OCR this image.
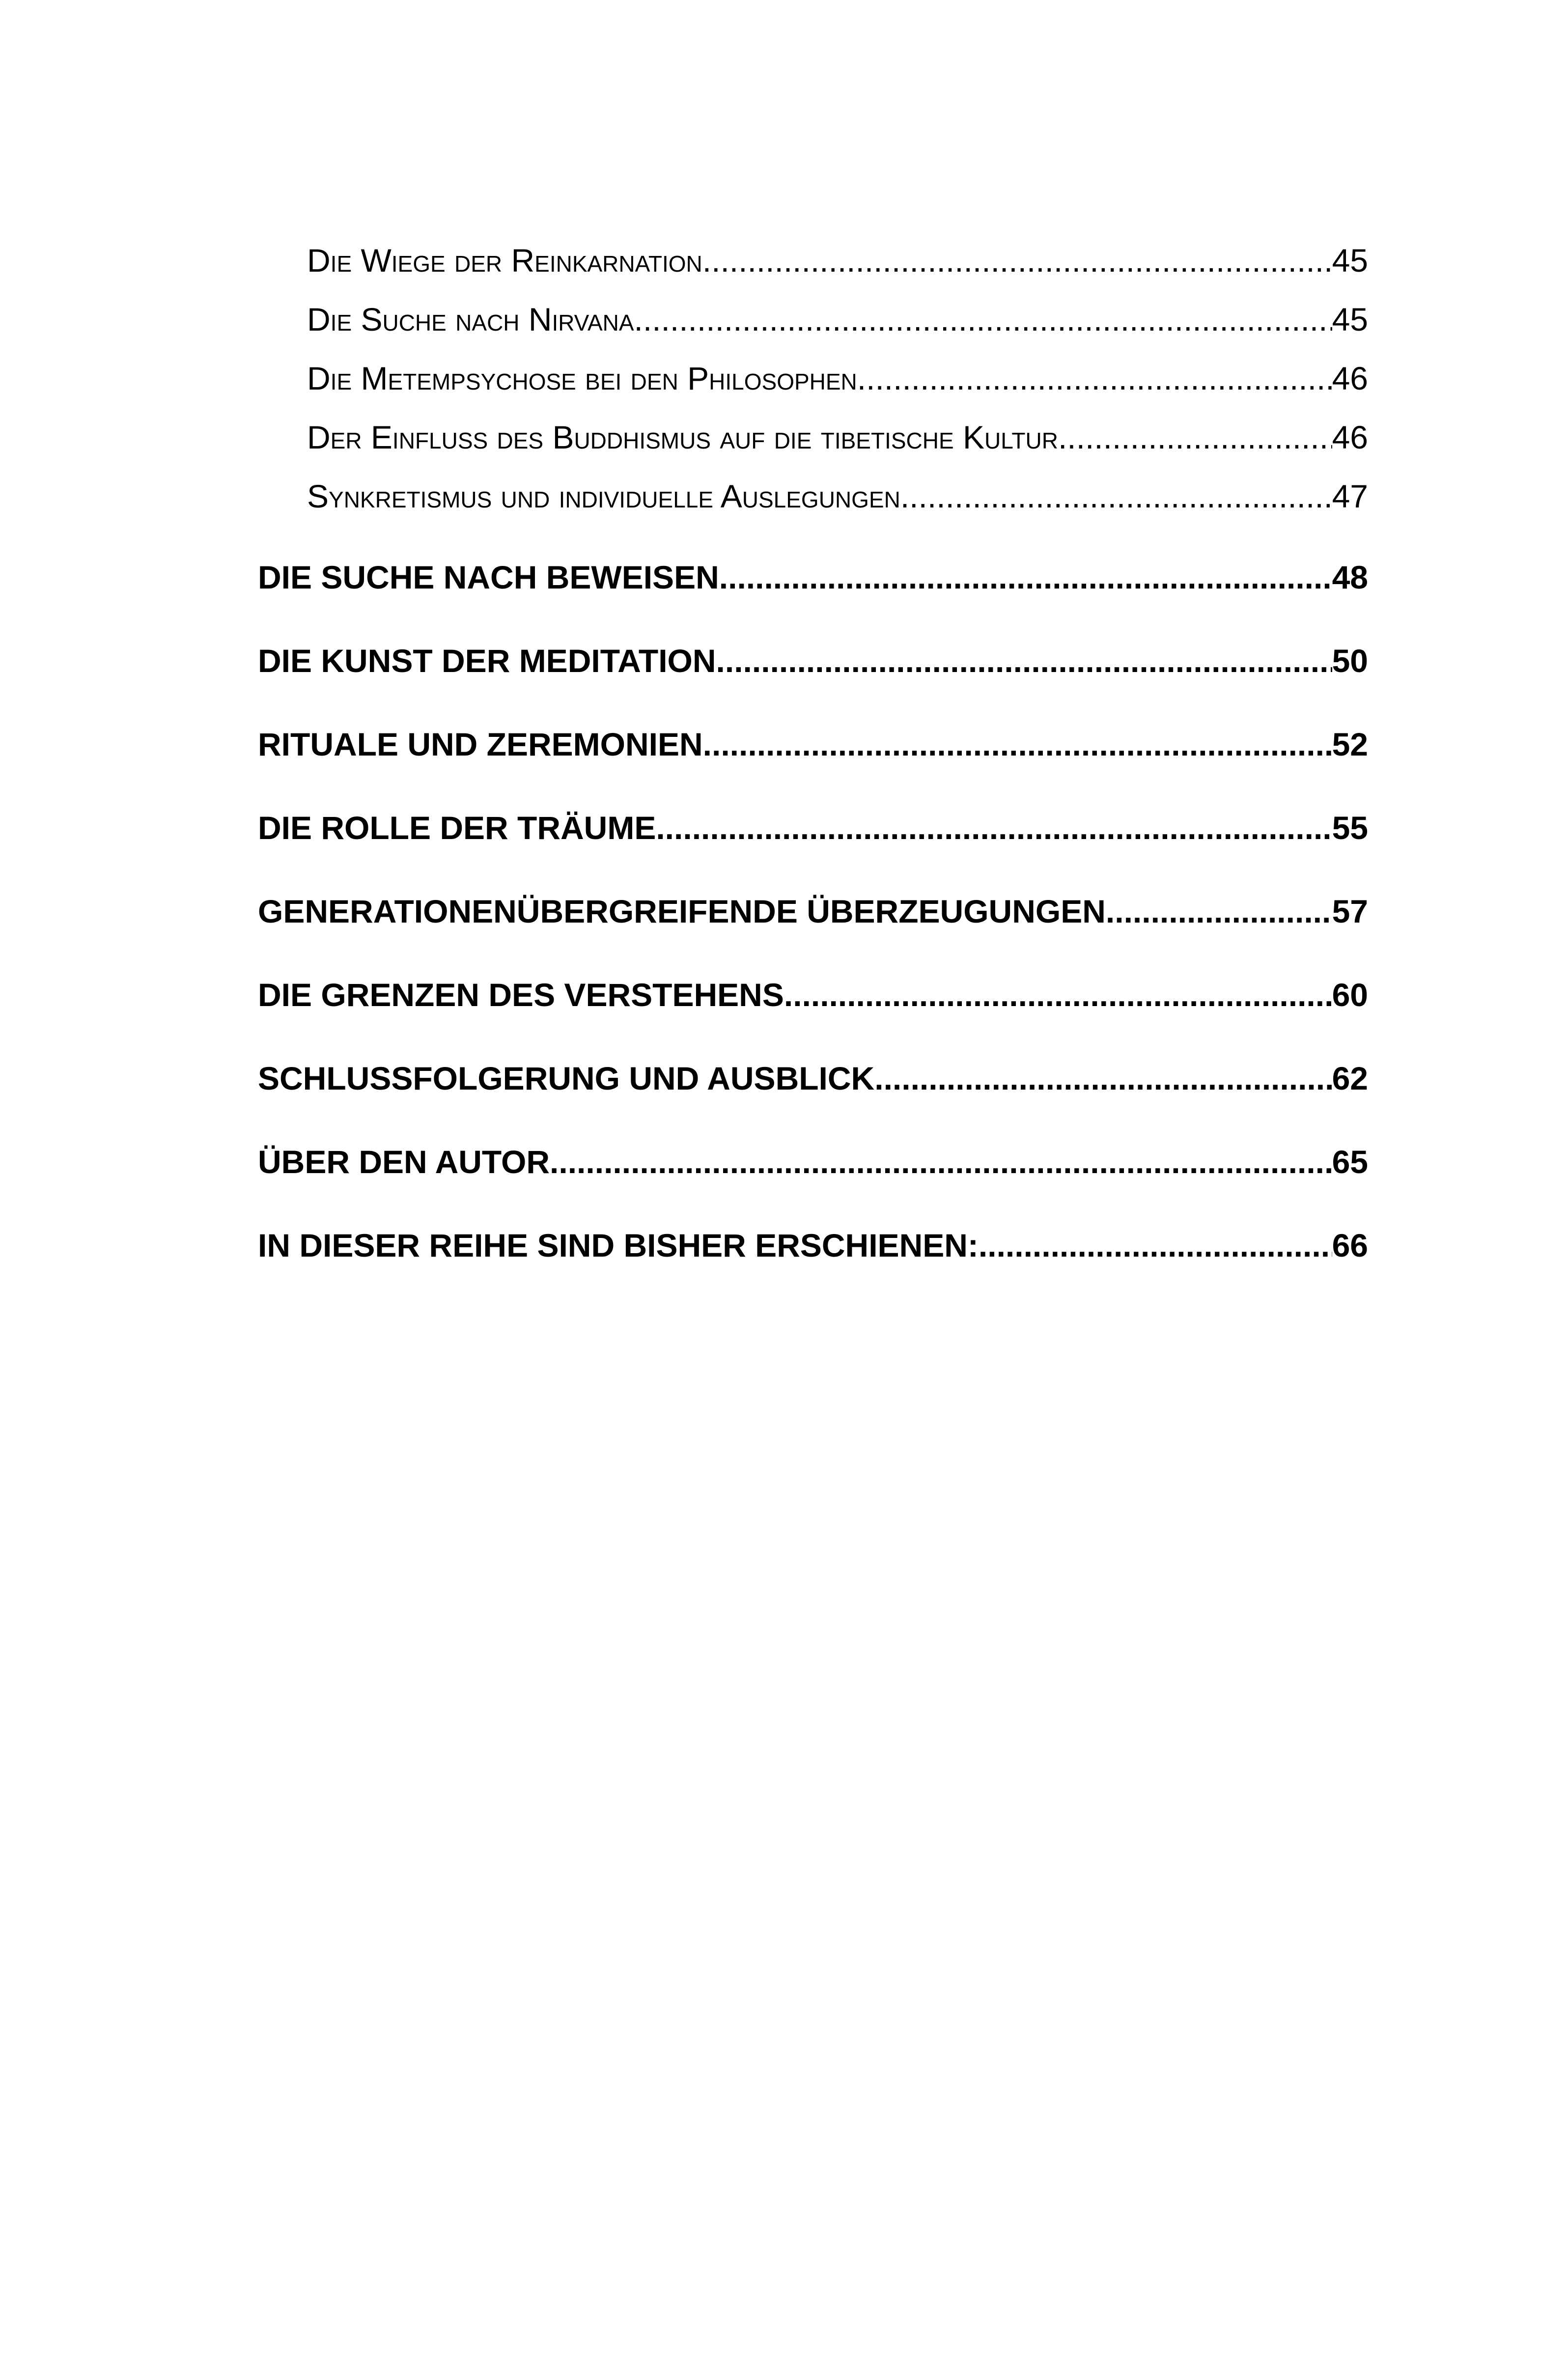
Die Wiege der Reinkarnation .....	45
Die Suche nach Nirvana .....	45
Die Metempsychose bei den Philosophen .....	46
Der Einfluss des Buddhismus auf die tibetische Kultur .....	46
Synkretismus und individuelle Auslegungen .....	47
DIE SUCHE NACH BEWEISEN .....	48
DIE KUNST DER MEDITATION .....	50
RITUALE UND ZEREMONIEN .....	52
DIE ROLLE DER TRÄUME .....	55
GENERATIONENÜBERGREIFENDE ÜBERZEUGUNGEN .....	57
DIE GRENZEN DES VERSTEHENS .....	60
SCHLUSSFOLGERUNG UND AUSBLICK .....	62
ÜBER DEN AUTOR .....	65
IN DIESER REIHE SIND BISHER ERSCHIENEN: .....	66
